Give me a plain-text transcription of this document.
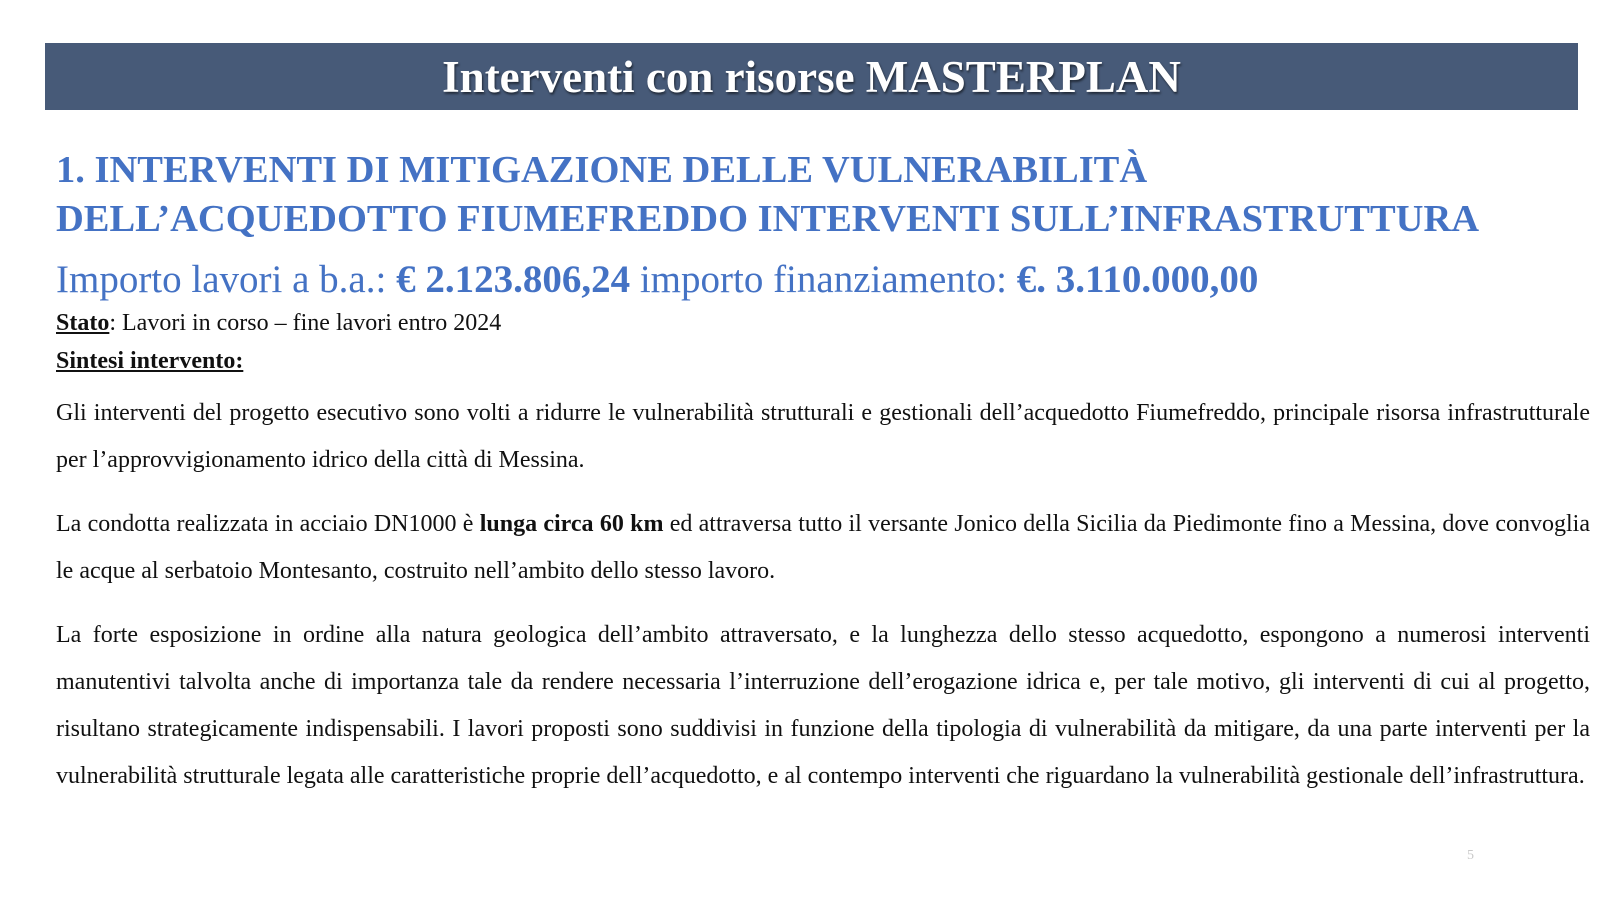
Interventi con risorse MASTERPLAN
1. INTERVENTI DI MITIGAZIONE DELLE VULNERABILITÀ
DELL’ACQUEDOTTO FIUMEFREDDO INTERVENTI SULL’INFRASTRUTTURA
Importo lavori a b.a.: € 2.123.806,24 importo finanziamento: €. 3.110.000,00
Stato: Lavori in corso – fine lavori entro 2024
Sintesi intervento:

Gli interventi del progetto esecutivo sono volti a ridurre le vulnerabilità strutturali e gestionali dell’acquedotto Fiumefreddo, principale risorsa infrastrutturale per l’approvvigionamento idrico della città di Messina.

La condotta realizzata in acciaio DN1000 è lunga circa 60 km ed attraversa tutto il versante Jonico della Sicilia da Piedimonte fino a Messina, dove convoglia le acque al serbatoio Montesanto, costruito nell’ambito dello stesso lavoro.

La forte esposizione in ordine alla natura geologica dell’ambito attraversato, e la lunghezza dello stesso acquedotto, espongono a numerosi interventi manutentivi talvolta anche di importanza tale da rendere necessaria l’interruzione dell’erogazione idrica e, per tale motivo, gli interventi di cui al progetto, risultano strategicamente indispensabili. I lavori proposti sono suddivisi in funzione della tipologia di vulnerabilità da mitigare, da una parte interventi per la vulnerabilità strutturale legata alle caratteristiche proprie dell’acquedotto, e al contempo interventi che riguardano la vulnerabilità gestionale dell’infrastruttura.

5
